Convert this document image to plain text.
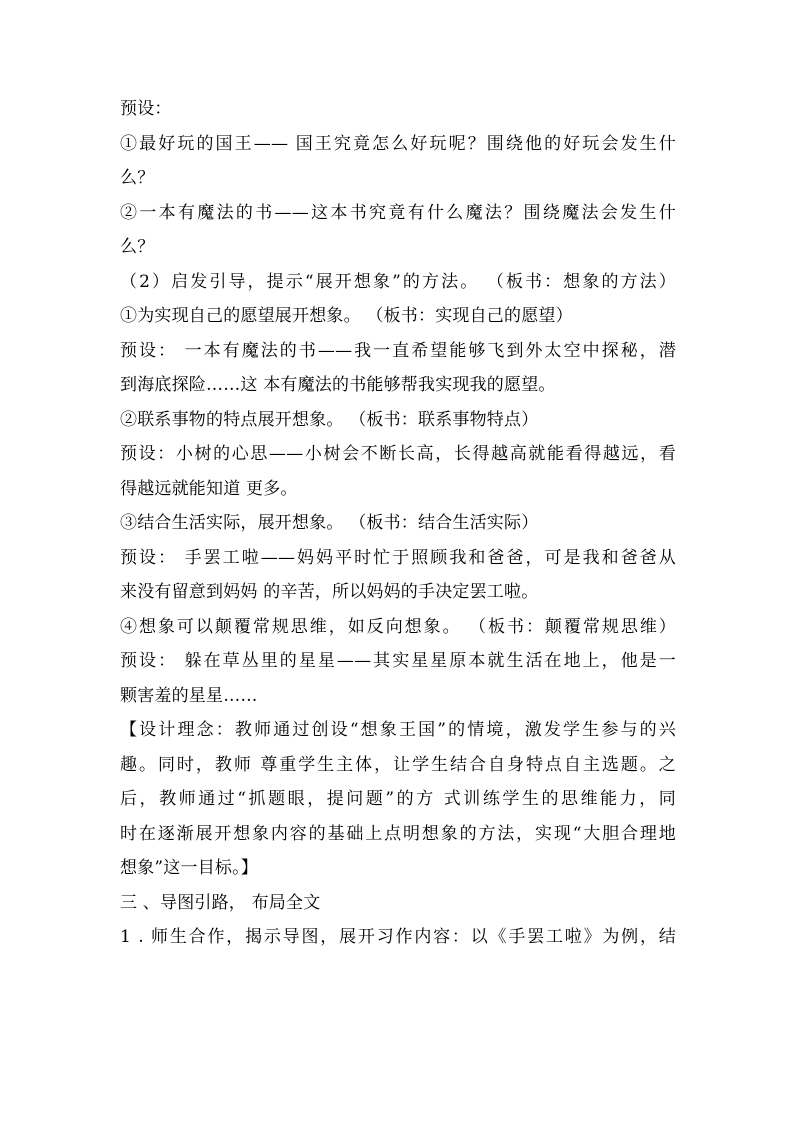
预设：
①最好玩的国王—— 国王究竟怎么好玩呢？围绕他的好玩会发生什
么？
②一本有魔法的书——这本书究竟有什么魔法？围绕魔法会发生什
么？
（2）启发引导，提示“展开想象”的方法。 （板书：想象的方法）
①为实现自己的愿望展开想象。 （板书：实现自己的愿望）
预设： 一本有魔法的书——我一直希望能够飞到外太空中探秘，潜
到海底探险……这 本有魔法的书能够帮我实现我的愿望。
②联系事物的特点展开想象。 （板书：联系事物特点）
预设：小树的心思——小树会不断长高，长得越高就能看得越远，看
得越远就能知道 更多。
③结合生活实际，展开想象。 （板书：结合生活实际）
预设： 手罢工啦——妈妈平时忙于照顾我和爸爸，可是我和爸爸从
来没有留意到妈妈 的辛苦，所以妈妈的手决定罢工啦。
④想象可以颠覆常规思维，如反向想象。 （板书：颠覆常规思维）
预设： 躲在草丛里的星星——其实星星原本就生活在地上，他是一
颗害羞的星星……
【设计理念：教师通过创设“想象王国”的情境，激发学生参与的兴
趣。同时，教师 尊重学生主体，让学生结合自身特点自主选题。之
后，教师通过“抓题眼，提问题”的方 式训练学生的思维能力，同
时在逐渐展开想象内容的基础上点明想象的方法，实现“大胆合理地
想象”这一目标。】
三 、导图引路， 布局全文
1 . 师生合作，揭示导图，展开习作内容：以《手罢工啦》为例，结
